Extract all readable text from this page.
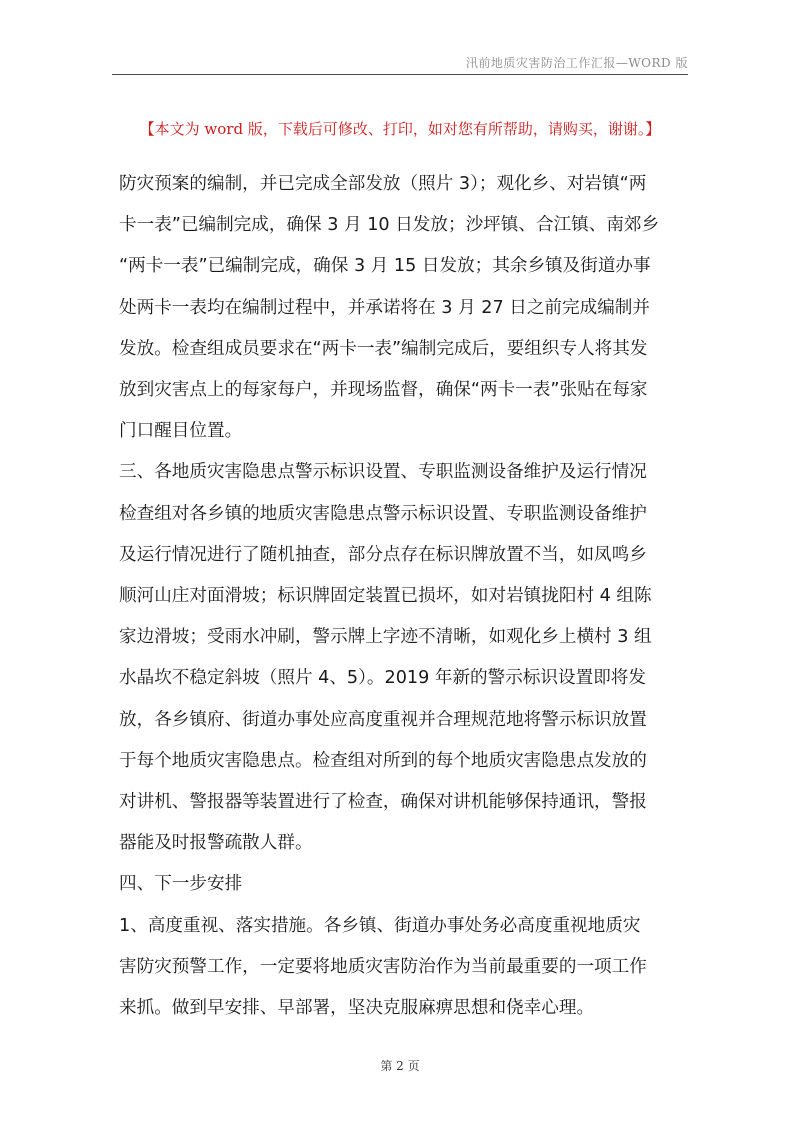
汛前地质灾害防治工作汇报—WORD 版
【本文为 word 版，下载后可修改、打印，如对您有所帮助，请购买，谢谢。】

防灾预案的编制，并已完成全部发放（照片 3）；观化乡、对岩镇“两

卡一表”已编制完成，确保 3 月 10 日发放；沙坪镇、合江镇、南郊乡

“两卡一表”已编制完成，确保 3 月 15 日发放；其余乡镇及街道办事

处两卡一表均在编制过程中，并承诺将在 3 月 27 日之前完成编制并

发放。检查组成员要求在“两卡一表”编制完成后，要组织专人将其发

放到灾害点上的每家每户，并现场监督，确保“两卡一表”张贴在每家

门口醒目位置。

三、各地质灾害隐患点警示标识设置、专职监测设备维护及运行情况

检查组对各乡镇的地质灾害隐患点警示标识设置、专职监测设备维护

及运行情况进行了随机抽查，部分点存在标识牌放置不当，如凤鸣乡

顺河山庄对面滑坡；标识牌固定装置已损坏，如对岩镇拢阳村 4 组陈

家边滑坡；受雨水冲刷，警示牌上字迹不清晰，如观化乡上横村 3 组

水晶坎不稳定斜坡（照片 4、5）。2019 年新的警示标识设置即将发

放，各乡镇府、街道办事处应高度重视并合理规范地将警示标识放置

于每个地质灾害隐患点。检查组对所到的每个地质灾害隐患点发放的

对讲机、警报器等装置进行了检查，确保对讲机能够保持通讯，警报

器能及时报警疏散人群。

四、下一步安排

1、高度重视、落实措施。各乡镇、街道办事处务必高度重视地质灾

害防灾预警工作，一定要将地质灾害防治作为当前最重要的一项工作

来抓。做到早安排、早部署，坚决克服麻痹思想和侥幸心理。

第 2 页
